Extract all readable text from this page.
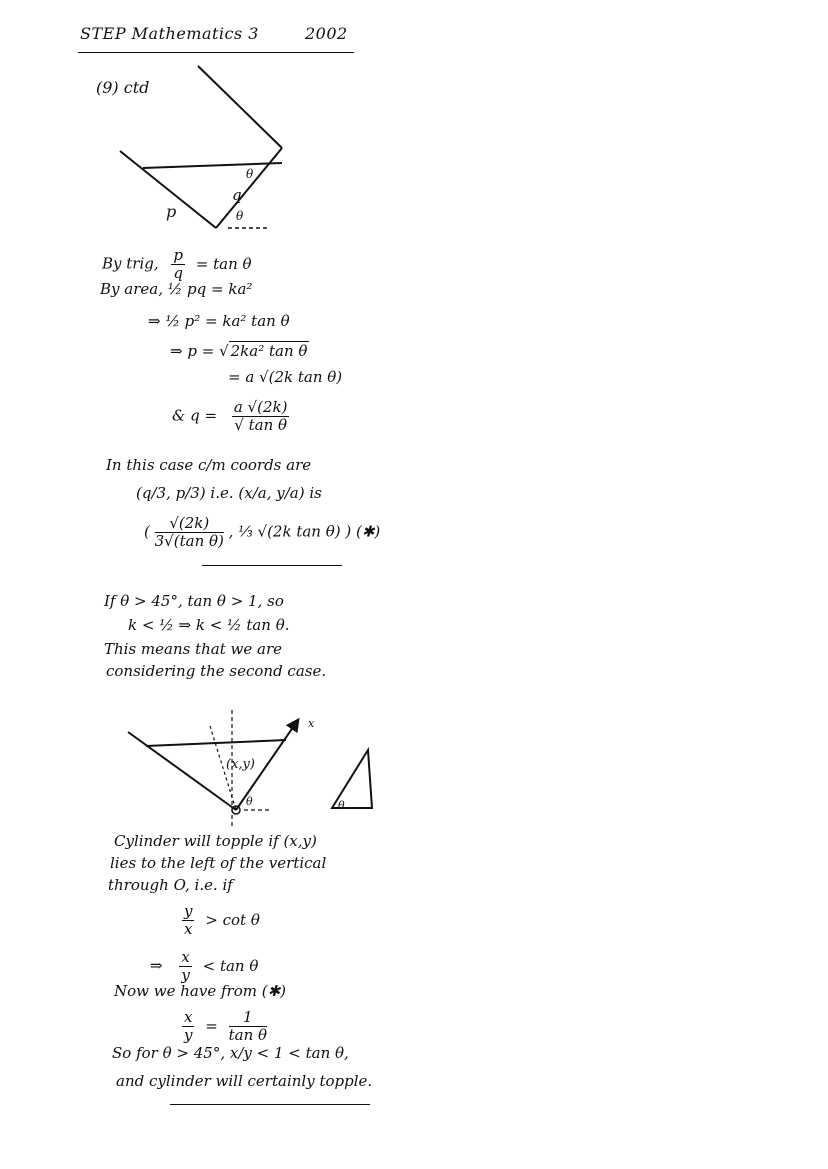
STEP Mathematics 3	2002
(9) ctd
p
q
θ
θ
By trig, $\frac{p}{q} = \tan \theta$
By area, ½ pq = ka²
⇒ ½ p² = ka² tan θ
⇒ p = √ 2ka² tan θ
= a √(2k tan θ)
& $q = \frac{a √(2k)}{\text{√ tan θ}}$
In this case c/m coords are
(q/3, p/3) i.e. (x/a, y/a) is
( $\frac{√(2k)}{\text{3√(tan θ)}}$ , ⅓ √(2k tan θ) ) (✱)
If θ > 45°, tan θ > 1, so
k < ½ ⇒ k < ½ tan θ.
This means that we are
considering the second case.
x
(x,y)
θ	θ
Cylinder will topple if (x,y)
lies to the left of the vertical
through O, i.e. if
$\frac{y}{x} > \cot \theta$
⇒ $\frac{x}{y} < \tan \theta$
Now we have from (✱)
$\frac{x}{y} = \frac{1}{\text{tan θ}}$
So for θ > 45°, x/y < 1 < tan θ,
and cylinder will certainly topple.
